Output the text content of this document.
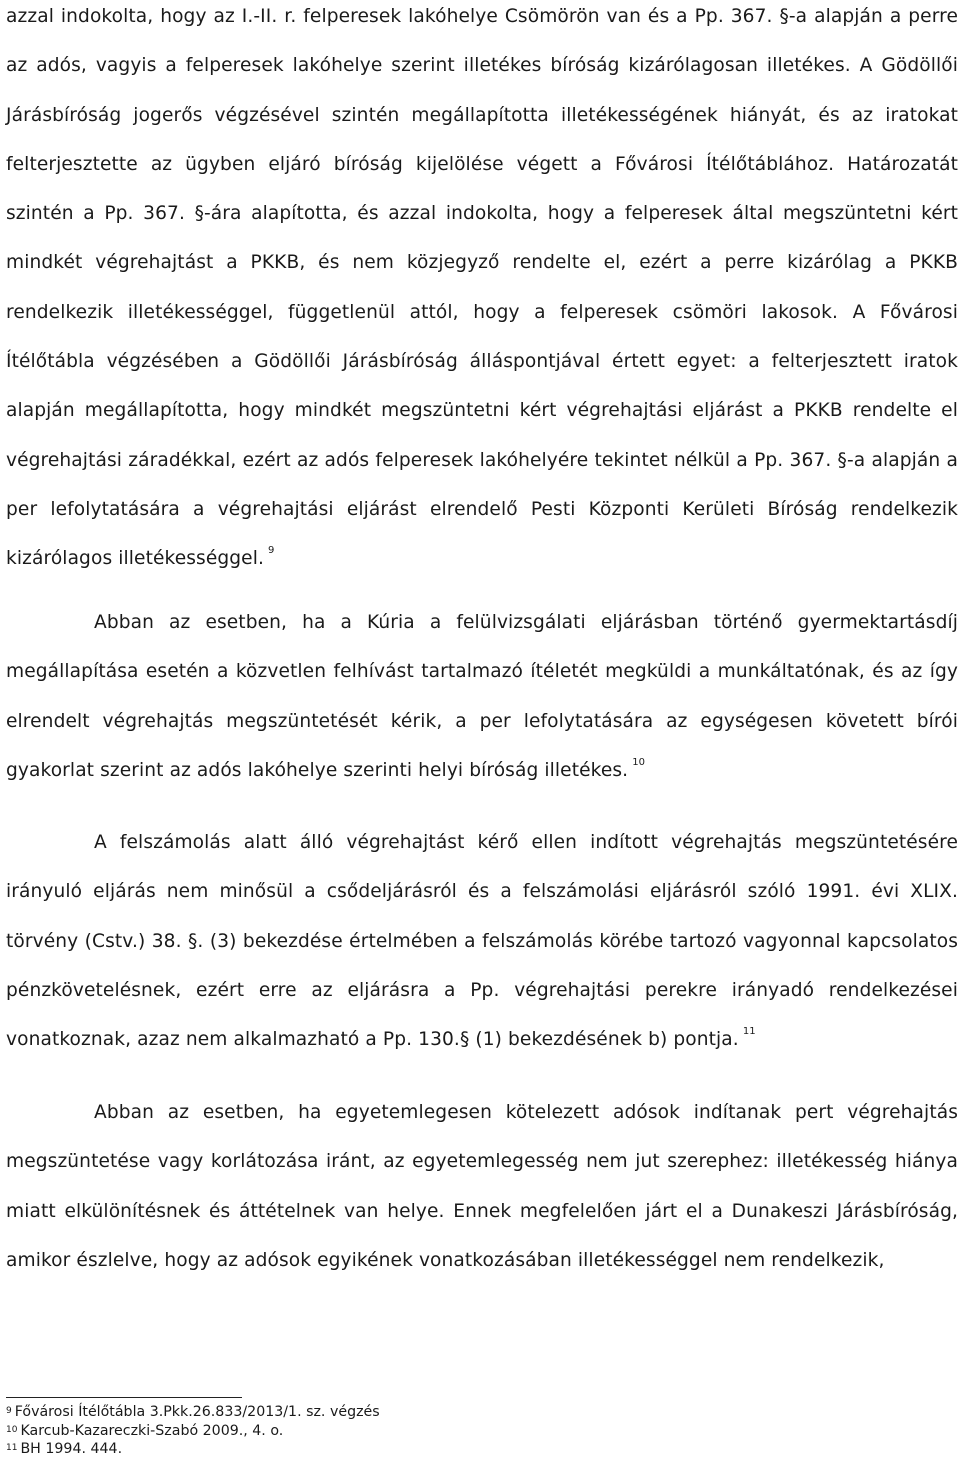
azzal indokolta, hogy az I.-II. r. felperesek lakóhelye Csömörön van és a Pp. 367. §-a alapján a perre az adós, vagyis a felperesek lakóhelye szerint illetékes bíróság kizárólagosan illetékes. A Gödöllői Járásbíróság jogerős végzésével szintén megállapította illetékességének hiányát, és az iratokat felterjesztette az ügyben eljáró bíróság kijelölése végett a Fővárosi Ítélőtáblához. Határozatát szintén a Pp. 367. §-ára alapította, és azzal indokolta, hogy a felperesek által megszüntetni kért mindkét végrehajtást a PKKB, és nem közjegyző rendelte el, ezért a perre kizárólag a PKKB rendelkezik illetékességgel, függetlenül attól, hogy a felperesek csömöri lakosok. A Fővárosi Ítélőtábla végzésében a Gödöllői Járásbíróság álláspontjával értett egyet: a felterjesztett iratok alapján megállapította, hogy mindkét megszüntetni kért végrehajtási eljárást a PKKB rendelte el végrehajtási záradékkal, ezért az adós felperesek lakóhelyére tekintet nélkül a Pp. 367. §-a alapján a per lefolytatására a végrehajtási eljárást elrendelő Pesti Központi Kerületi Bíróság rendelkezik kizárólagos illetékességgel. $^9$

Abban az esetben, ha a Kúria a felülvizsgálati eljárásban történő gyermektartásdíj megállapítása esetén a közvetlen felhívást tartalmazó ítéletét megküldi a munkáltatónak, és az így elrendelt végrehajtás megszüntetését kérik, a per lefolytatására az egységesen követett bírói gyakorlat szerint az adós lakóhelye szerinti helyi bíróság illetékes. $^{10}$

A felszámolás alatt álló végrehajtást kérő ellen indított végrehajtás megszüntetésére irányuló eljárás nem minősül a csődeljárásról és a felszámolási eljárásról szóló 1991. évi XLIX. törvény (Cstv.) 38. §. (3) bekezdése értelmében a felszámolás körébe tartozó vagyonnal kapcsolatos pénzkövetelésnek, ezért erre az eljárásra a Pp. végrehajtási perekre irányadó rendelkezései vonatkoznak, azaz nem alkalmazható a Pp. 130.§ (1) bekezdésének b) pontja. $^{11}$

Abban az esetben, ha egyetemlegesen kötelezett adósok indítanak pert végrehajtás megszüntetése vagy korlátozása iránt, az egyetemlegesség nem jut szerephez: illetékesség hiánya miatt elkülönítésnek és áttételnek van helye. Ennek megfelelően járt el a Dunakeszi Járásbíróság, amikor észlelve, hogy az adósok egyikének vonatkozásában illetékességgel nem rendelkezik,

$^9$ Fővárosi Ítélőtábla 3.Pkk.26.833/2013/1. sz. végzés

$^{10}$ Karcub-Kazareczki-Szabó 2009., 4. o.

$^{11}$ BH 1994. 444.
